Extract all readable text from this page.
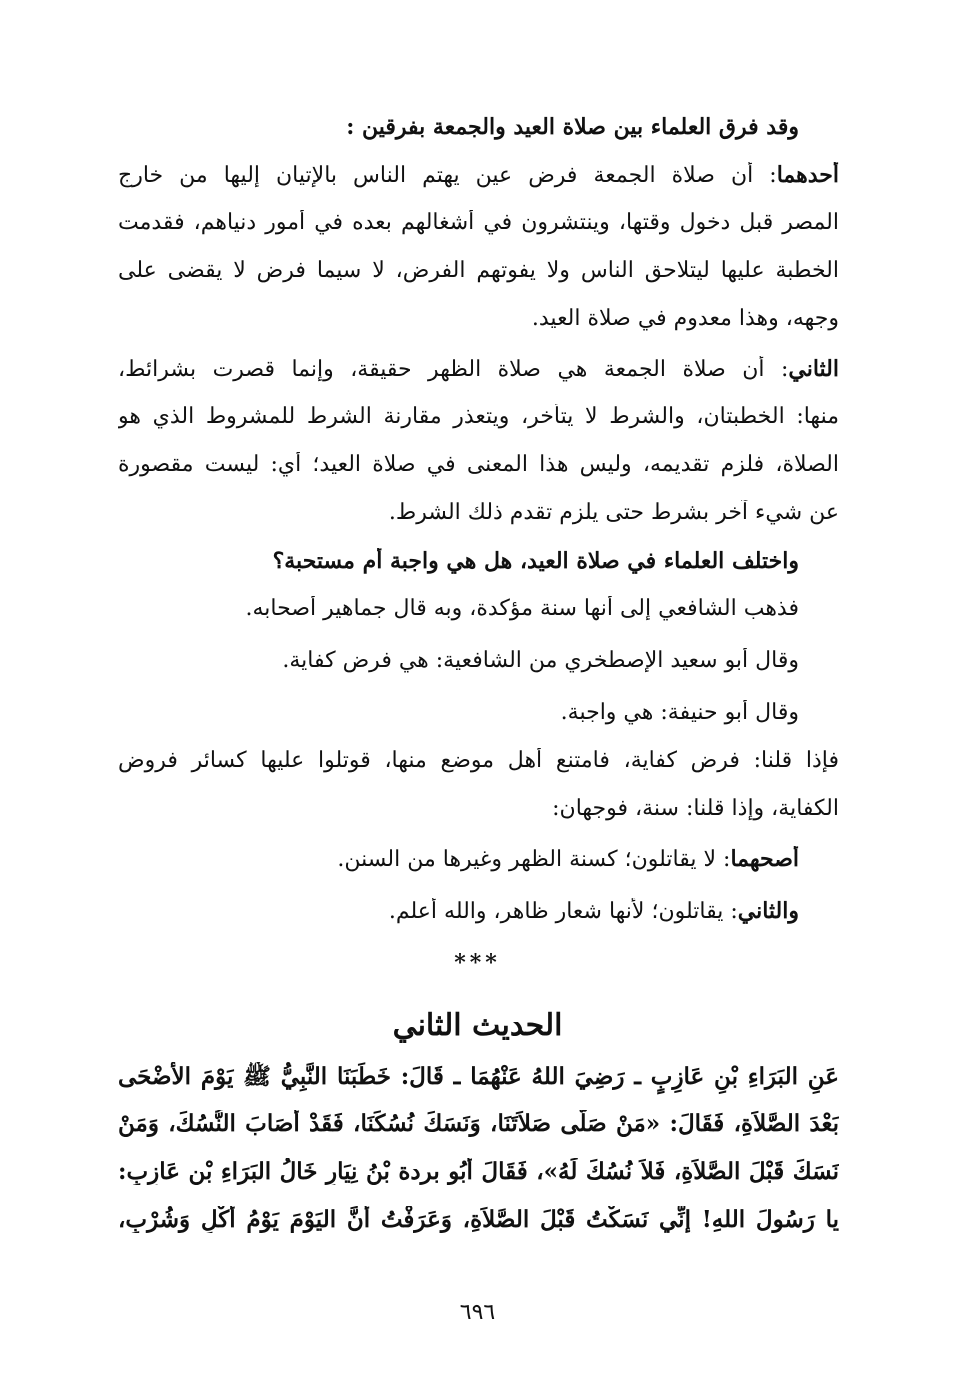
وقد فرق العلماء بين صلاة العيد والجمعة بفرقين :
أحدهما: أن صلاة الجمعة فرض عين يهتم الناس بالإتيان إليها من خارج
المصر قبل دخول وقتها، وينتشرون في أشغالهم بعده في أمور دنياهم، فقدمت
الخطبة عليها ليتلاحق الناس ولا يفوتهم الفرض، لا سيما فرض لا يقضى على
وجهه، وهذا معدوم في صلاة العيد.
الثاني: أن صلاة الجمعة هي صلاة الظهر حقيقة، وإنما قصرت بشرائط،
منها: الخطبتان، والشرط لا يتأخر، ويتعذر مقارنة الشرط للمشروط الذي هو
الصلاة، فلزم تقديمه، وليس هذا المعنى في صلاة العيد؛ أي: ليست مقصورة
عن شيء آخر بشرط حتى يلزم تقدم ذلك الشرط.
واختلف العلماء في صلاة العيد، هل هي واجبة أم مستحبة؟
فذهب الشافعي إلى أنها سنة مؤكدة، وبه قال جماهير أصحابه.
وقال أبو سعيد الإصطخري من الشافعية: هي فرض كفاية.
وقال أبو حنيفة: هي واجبة.
فإذا قلنا: فرض كفاية، فامتنع أهل موضع منها، قوتلوا عليها كسائر فروض
الكفاية، وإذا قلنا: سنة، فوجهان:
أصحهما: لا يقاتلون؛ كسنة الظهر وغيرها من السنن.
والثاني: يقاتلون؛ لأنها شعار ظاهر، والله أعلم.
عَنِ البَرَاءِ بْنِ عَازِبٍ ـ رَضِيَ اللهُ عَنْهُمَا ـ قَالَ: خَطَبَنَا النَّبِيُّ ﷺ يَوْمَ الأَضْحَى
بَعْدَ الصَّلاَةِ، فَقَالَ: «مَنْ صَلَّى صَلاَتَنَا، وَنَسَكَ نُسُكَنَا، فَقَدْ أَصَابَ النُّسُكَ، وَمَنْ
نَسَكَ قَبْلَ الصَّلاَةِ، فَلاَ نُسُكَ لَهُ»، فَقَالَ أَبُو بردة بْنُ نِيَارٍ خَالُ البَرَاءِ بْنِ عَازِبٍ:
يا رَسُولَ اللهِ! إِنِّي نَسَكْتُ قَبْلَ الصَّلاَةِ، وَعَرَفْتُ أَنَّ اليَوْمَ يَوْمُ أَكْلٍ وَشُرْبٍ،
***
الحديث الثاني
٦٩٦
